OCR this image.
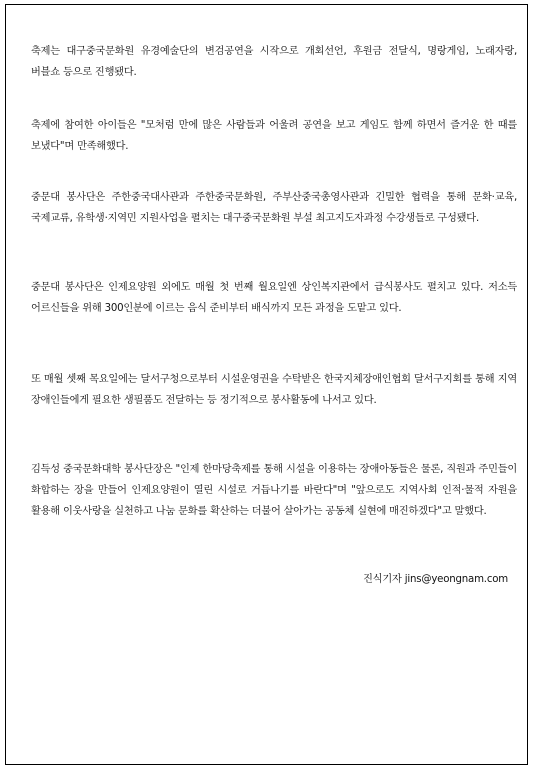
축제는 대구중국문화원 유경예술단의 변검공연을 시작으로 개회선언, 후원금 전달식, 명랑게임, 노래자랑, 버블쇼 등으로 진행됐다.

축제에 참여한 아이들은 "모처럼 만에 많은 사람들과 어울려 공연을 보고 게임도 함께 하면서 즐거운 한 때를 보냈다"며 만족해했다.

중문대 봉사단은 주한중국대사관과 주한중국문화원, 주부산중국총영사관과 긴밀한 협력을 통해 문화·교육, 국제교류, 유학생·지역민 지원사업을 펼치는 대구중국문화원 부설 최고지도자과정 수강생들로 구성됐다.

중문대 봉사단은 인제요양원 외에도 매월 첫 번째 월요일엔 상인복지관에서 급식봉사도 펼치고 있다. 저소득 어르신들을 위해 300인분에 이르는 음식 준비부터 배식까지 모든 과정을 도맡고 있다.

또 매월 셋째 목요일에는 달서구청으로부터 시설운영권을 수탁받은 한국지체장애인협회 달서구지회를 통해 지역 장애인들에게 필요한 생필품도 전달하는 등 정기적으로 봉사활동에 나서고 있다.

김득성 중국문화대학 봉사단장은 "인제 한마당축제를 통해 시설을 이용하는 장애아동들은 물론, 직원과 주민들이 화합하는 장을 만들어 인제요양원이 열린 시설로 거듭나기를 바란다"며 "앞으로도 지역사회 인적·물적 자원을 활용해 이웃사랑을 실천하고 나눔 문화를 확산하는 더불어 살아가는 공동체 실현에 매진하겠다"고 말했다.

진식기자 jins@yeongnam.com
